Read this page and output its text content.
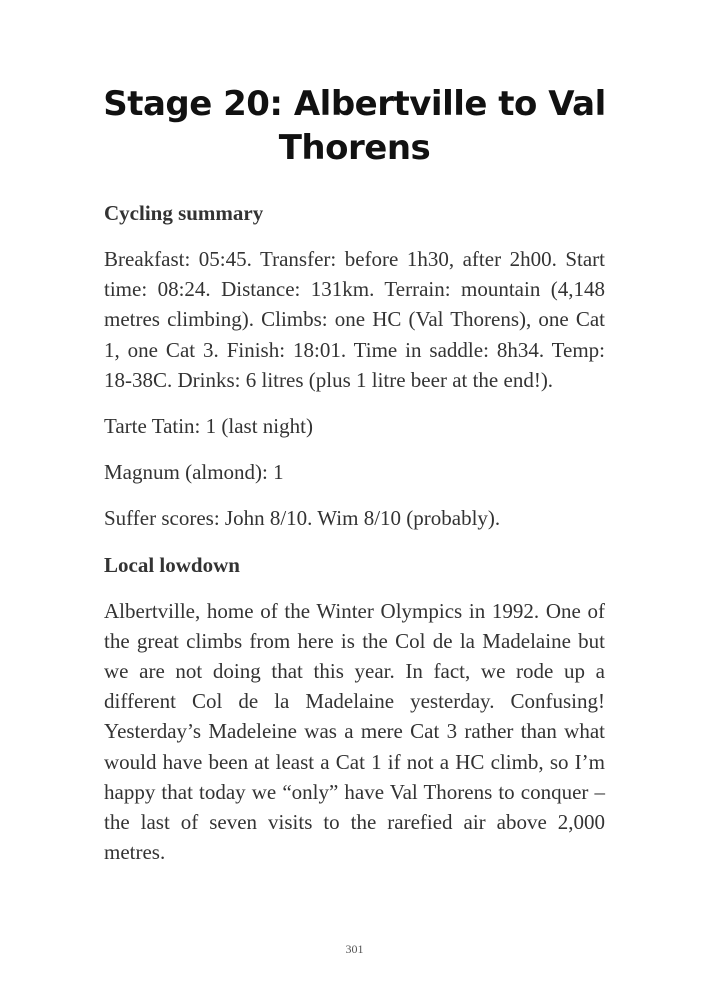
Stage 20: Albertville to Val Thorens
Cycling summary

Breakfast: 05:45. Transfer: before 1h30, after 2h00. Start time: 08:24. Distance: 131km. Terrain: mountain (4,148 metres climbing). Climbs: one HC (Val Thorens), one Cat 1, one Cat 3. Finish: 18:01. Time in saddle: 8h34. Temp: 18-38C. Drinks: 6 litres (plus 1 litre beer at the end!).

Tarte Tatin: 1 (last night)

Magnum (almond): 1

Suffer scores: John 8/10. Wim 8/10 (probably).

Local lowdown

Albertville, home of the Winter Olympics in 1992. One of the great climbs from here is the Col de la Madelaine but we are not doing that this year. In fact, we rode up a different Col de la Madelaine yesterday. Confusing! Yesterday’s Madeleine was a mere Cat 3 rather than what would have been at least a Cat 1 if not a HC climb, so I’m happy that today we “only” have Val Thorens to conquer – the last of seven visits to the rarefied air above 2,000 metres.

301
